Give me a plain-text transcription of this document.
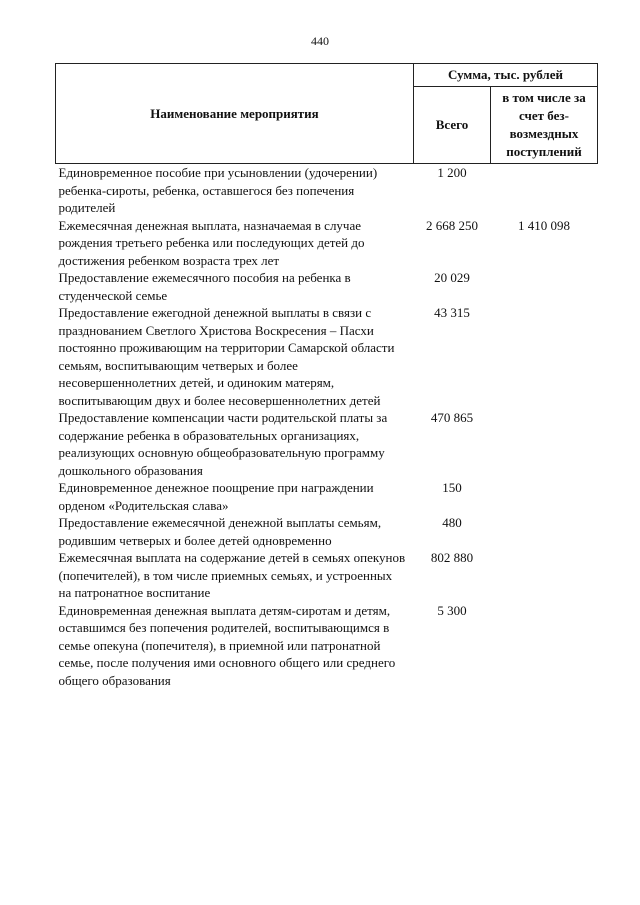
440
Наименование мероприятия	Сумма, тыс. рублей	
	Всего	в том числе за счет без-возмездных поступлений
Единовременное пособие при усыновлении (удочерении) ребенка-сироты, ребенка, оставшегося без попечения родителей	1 200	
Ежемесячная денежная выплата, назначаемая в случае рождения третьего ребенка или последующих детей до достижения ребенком возраста трех лет	2 668 250	1 410 098
Предоставление ежемесячного пособия на ребенка в студенческой семье	20 029	
Предоставление ежегодной денежной выплаты в связи с празднованием Светлого Христова Воскресения – Пасхи постоянно проживающим на территории Самарской области семьям, воспитывающим четверых и более несовершеннолетних детей, и одиноким матерям, воспитывающим двух и более несовершеннолетних детей	43 315	
Предоставление компенсации части родительской платы за содержание ребенка в образовательных организациях, реализующих основную общеобразовательную программу дошкольного образования	470 865	
Единовременное денежное поощрение при награждении орденом «Родительская слава»	150	
Предоставление ежемесячной денежной выплаты семьям, родившим четверых и более детей одновременно	480	
Ежемесячная выплата на содержание детей в семьях опекунов (попечителей), в том числе приемных семьях, и устроенных на патронатное воспитание	802 880	
Единовременная денежная выплата детям-сиротам и детям, оставшимся без попечения родителей, воспитывающимся в семье опекуна (попечителя), в приемной или патронатной семье, после получения ими основного общего или среднего общего образования	5 300	
